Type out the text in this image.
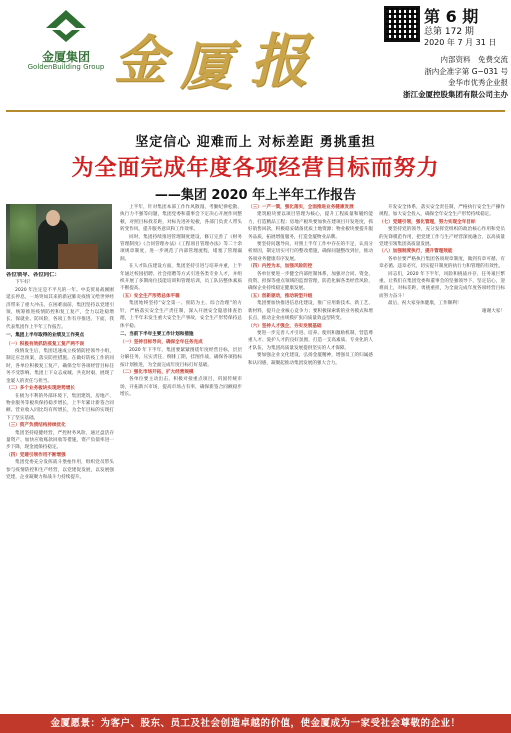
金厦集团
GoldenBuilding Group 金 厦 报
第 6 期
总第 172 期
2020 年 7 月 31 日
内部资料　免费交流
浙内企准字第 G−031 号
金华市优秀企业报
浙江金厦控股集团有限公司主办
坚定信心 迎难而上 对标差距 勇挑重担
为全面完成年度各项经营目标而努力
——集团 2020 年上半年工作报告

各位领导、各位同仁：

下午好！

2020 年注定是不平凡的一年。中美贸易战刚刚延长停息，一场突如其来的新冠肺炎疫情又给世界经济带来了重大冲击。在困难面前，集团坚持以党建引领，统筹推进疫情防控和复工复产，全力以赴稳增长、保就业、防风险，各项工作有序推进。下面，我代表集团作上半年工作报告。

一、集团上半年取得的业绩及工作亮点

（一）积极有效抓防疫复工复产两不误

疫情发生后，集团迅速成立疫情防控领导小组，制定应急预案，落实防控措施。在做好防疫工作的同时，各单位积极复工复产，确保全年各项经营目标任务不受影响。集团上下众志成城、共克时艰，展现了金厦人的责任与担当。

（二）多个业务板块实现逆势增长

在极为不利的外部环境下，集团建筑、房地产、物业服务等板块保持稳步增长，上半年累计新签合同额、营业收入同比均有所增长，为全年目标的实现打下了坚实基础。

（三）资产负债结构持续优化

集团坚持稳健经营，严控财务风险，通过盘活存量资产、加快应收账款回收等措施，资产负债率进一步下降，现金流保持稳定。

（四）党建引领作用不断增强

集团党委充分发挥战斗堡垒作用，组织党员带头参与疫情防控和生产经营，以党建促发展，以发展强党建，企业凝聚力和战斗力持续提升。

上半年，针对集团本部工作作风散漫、考勤纪律松散、执行力不强等问题，集团党委和董事会下定决心开展作风整顿，对照目标找差距，对标先进补短板，各部门负责人带头转变作风，提升服务意识和工作效率。

同时，集团持续推进管理制度建设，修订完善了《财务管理制度》《合同管理办法》《工程项目管理办法》等二十余项规章制度，进一步规范了内部管理流程，堵塞了管理漏洞。

在人才队伍建设方面，集团坚持引进与培养并重，上半年通过校园招聘、社会招聘等方式引进各类专业人才，并组织开展了多期岗位技能培训和管理培训，员工队伍整体素质不断提高。

（五）安全生产形势总体平稳

集团始终坚持“安全第一、预防为主、综合治理”的方针，严格落实安全生产责任制，深入开展安全隐患排查治理，上半年未发生重大安全生产事故，安全生产形势保持总体平稳。

二、当前下半年主要工作计划和措施

（一）坚持目标导向，确保全年任务完成

2020 年下半年，集团要紧紧围绕年度经营目标，层层分解任务，压实责任，倒排工期，挂图作战，确保各项指标按计划推进，为全面完成年度目标打好基础。

（二）强化市场开拓，扩大经营规模

各单位要主动出击，积极对接重点项目，巩固传统市场，开拓新兴市场，提高市场占有率，确保新签合同额稳步增长。

（三）一产一策，强化落实，全面推进业务健康发展

建筑板块要以项目管理为核心，提升工程质量和履约能力，打造精品工程；房地产板块要加快在建项目开发进度，抓好销售回款，积极稳妥储备优质土地资源；物业板块要提升服务品质，拓展增值服务，打造金厦物业品牌。

要坚持问题导向，对照上半年工作中存在的不足，认真分析原因，制定切实可行的整改措施，确保问题整改到位，推动各项业务健康有序发展。

（四）内控为本，加强风险防控

各单位要进一步健全内部控制体系，加强对合同、资金、投资、担保等重点领域的监督管理，防范化解各类经营风险，确保企业持续稳定健康发展。

（五）创新驱动，推动转型升级

集团要加快推进信息化建设，推广应用新技术、新工艺、新材料，提升企业核心竞争力；要积极探索新的业务模式和增长点，推动企业由规模扩张向质量效益型转变。

（六）坚持人才强企，夯实发展基础

要进一步完善人才引进、培养、使用和激励机制，营造尊重人才、爱护人才的良好氛围，打造一支高素质、专业化的人才队伍，为集团高质量发展提供坚实的人才保障。

要加强企业文化建设，弘扬金厦精神，增强员工的归属感和认同感，凝聚起推动集团发展的强大合力。

开发安全体系，落实安全责任制，严格执行安全生产操作规程，加大安全投入，确保全年安全生产形势持续稳定。

（七）党建引领，强化管理，努力实现全年目标

要坚持党的领导，充分发挥党组织的政治核心作用和党员的先锋模范作用，把党建工作与生产经营深度融合，以高质量党建引领集团高质量发展。

（八）加强制度执行，提升管理效能

各单位要严格执行集团各项规章制度，做到有章可循、有章必循、违章必究，切实提升制度的执行力和管理的有效性。

同志们，2020 年下半年，风险和挑战并存，任务艰巨繁重。让我们在集团党委和董事会的坚强领导下，坚定信心，迎难而上，对标差距，勇挑重担，为全面完成年度各项经营目标而努力奋斗！

最后，祝大家身体健康，工作顺利！

谢谢大家！

金厦愿景：为客户、股东、员工及社会创造卓越的价值，使金厦成为一家受社会尊敬的企业！
